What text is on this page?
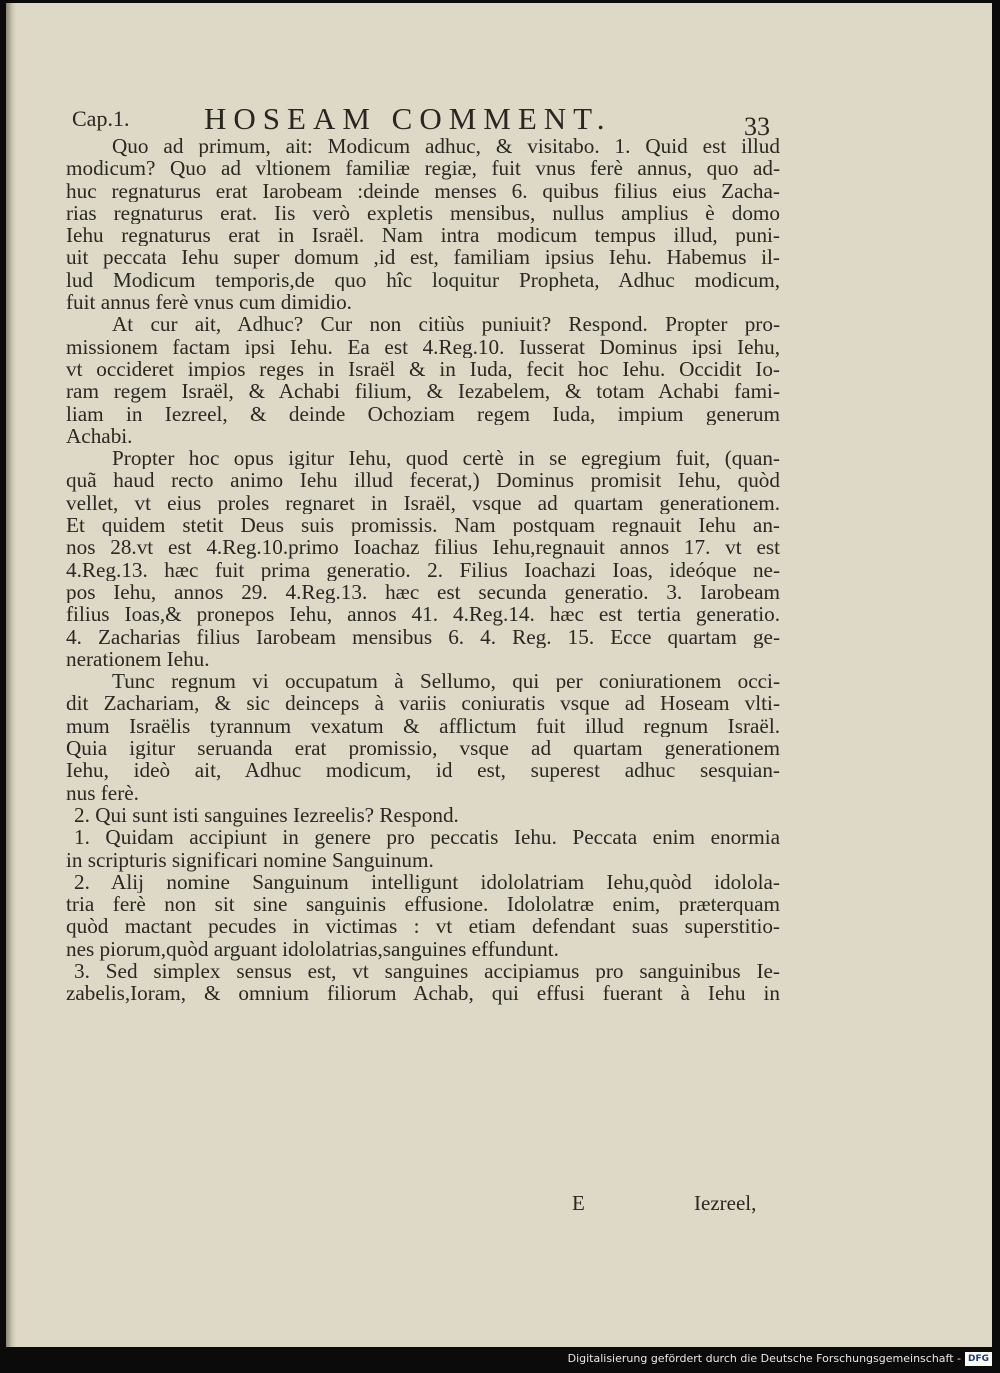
Cap.1. HOSEAM COMMENT.	33
Quo ad primum, ait: Modicum adhuc, & visitabo. 1. Quid est illud
modicum? Quo ad vltionem familiæ regiæ, fuit vnus ferè annus, quo ad-
huc regnaturus erat Iarobeam :deinde menses 6. quibus filius eius Zacha-
rias regnaturus erat. Iis verò expletis mensibus, nullus amplius è domo
Iehu regnaturus erat in Israël. Nam intra modicum tempus illud, puni-
uit peccata Iehu super domum ,id est, familiam ipsius Iehu. Habemus il-
lud Modicum temporis,de quo hîc loquitur Propheta, Adhuc modicum,
fuit annus ferè vnus cum dimidio.
At cur ait, Adhuc? Cur non citiùs puniuit? Respond. Propter pro-
missionem factam ipsi Iehu. Ea est 4.Reg.10. Iusserat Dominus ipsi Iehu,
vt occideret impios reges in Israël & in Iuda, fecit hoc Iehu. Occidit Io-
ram regem Israël, & Achabi filium, & Iezabelem, & totam Achabi fami-
liam in Iezreel, & deinde Ochoziam regem Iuda, impium generum
Achabi.
Propter hoc opus igitur Iehu, quod certè in se egregium fuit, (quan-
quã haud recto animo Iehu illud fecerat,) Dominus promisit Iehu, quòd
vellet, vt eius proles regnaret in Israël, vsque ad quartam generationem.
Et quidem stetit Deus suis promissis. Nam postquam regnauit Iehu an-
nos 28.vt est 4.Reg.10.primo Ioachaz filius Iehu,regnauit annos 17. vt est
4.Reg.13. hæc fuit prima generatio. 2. Filius Ioachazi Ioas, ideóque ne-
pos Iehu, annos 29. 4.Reg.13. hæc est secunda generatio. 3. Iarobeam
filius Ioas,& pronepos Iehu, annos 41. 4.Reg.14. hæc est tertia generatio.
4. Zacharias filius Iarobeam mensibus 6. 4. Reg. 15. Ecce quartam ge-
nerationem Iehu.
Tunc regnum vi occupatum à Sellumo, qui per coniurationem occi-
dit Zachariam, & sic deinceps à variis coniuratis vsque ad Hoseam vlti-
mum Israëlis tyrannum vexatum & afflictum fuit illud regnum Israël.
Quia igitur seruanda erat promissio, vsque ad quartam generationem
Iehu, ideò ait, Adhuc modicum, id est, superest adhuc sesquian-
nus ferè.
2. Qui sunt isti sanguines Iezreelis? Respond.
1. Quidam accipiunt in genere pro peccatis Iehu. Peccata enim enormia
in scripturis significari nomine Sanguinum.
2. Alij nomine Sanguinum intelligunt idololatriam Iehu,quòd idolola-
tria ferè non sit sine sanguinis effusione. Idololatræ enim, præterquam
quòd mactant pecudes in victimas : vt etiam defendant suas superstitio-
nes piorum,quòd arguant idololatrias,sanguines effundunt.
3. Sed simplex sensus est, vt sanguines accipiamus pro sanguinibus Ie-
zabelis,Ioram, & omnium filiorum Achab, qui effusi fuerant à Iehu in
E	Iezreel,
Digitalisierung gefördert durch die Deutsche Forschungsgemeinschaft - DFG
